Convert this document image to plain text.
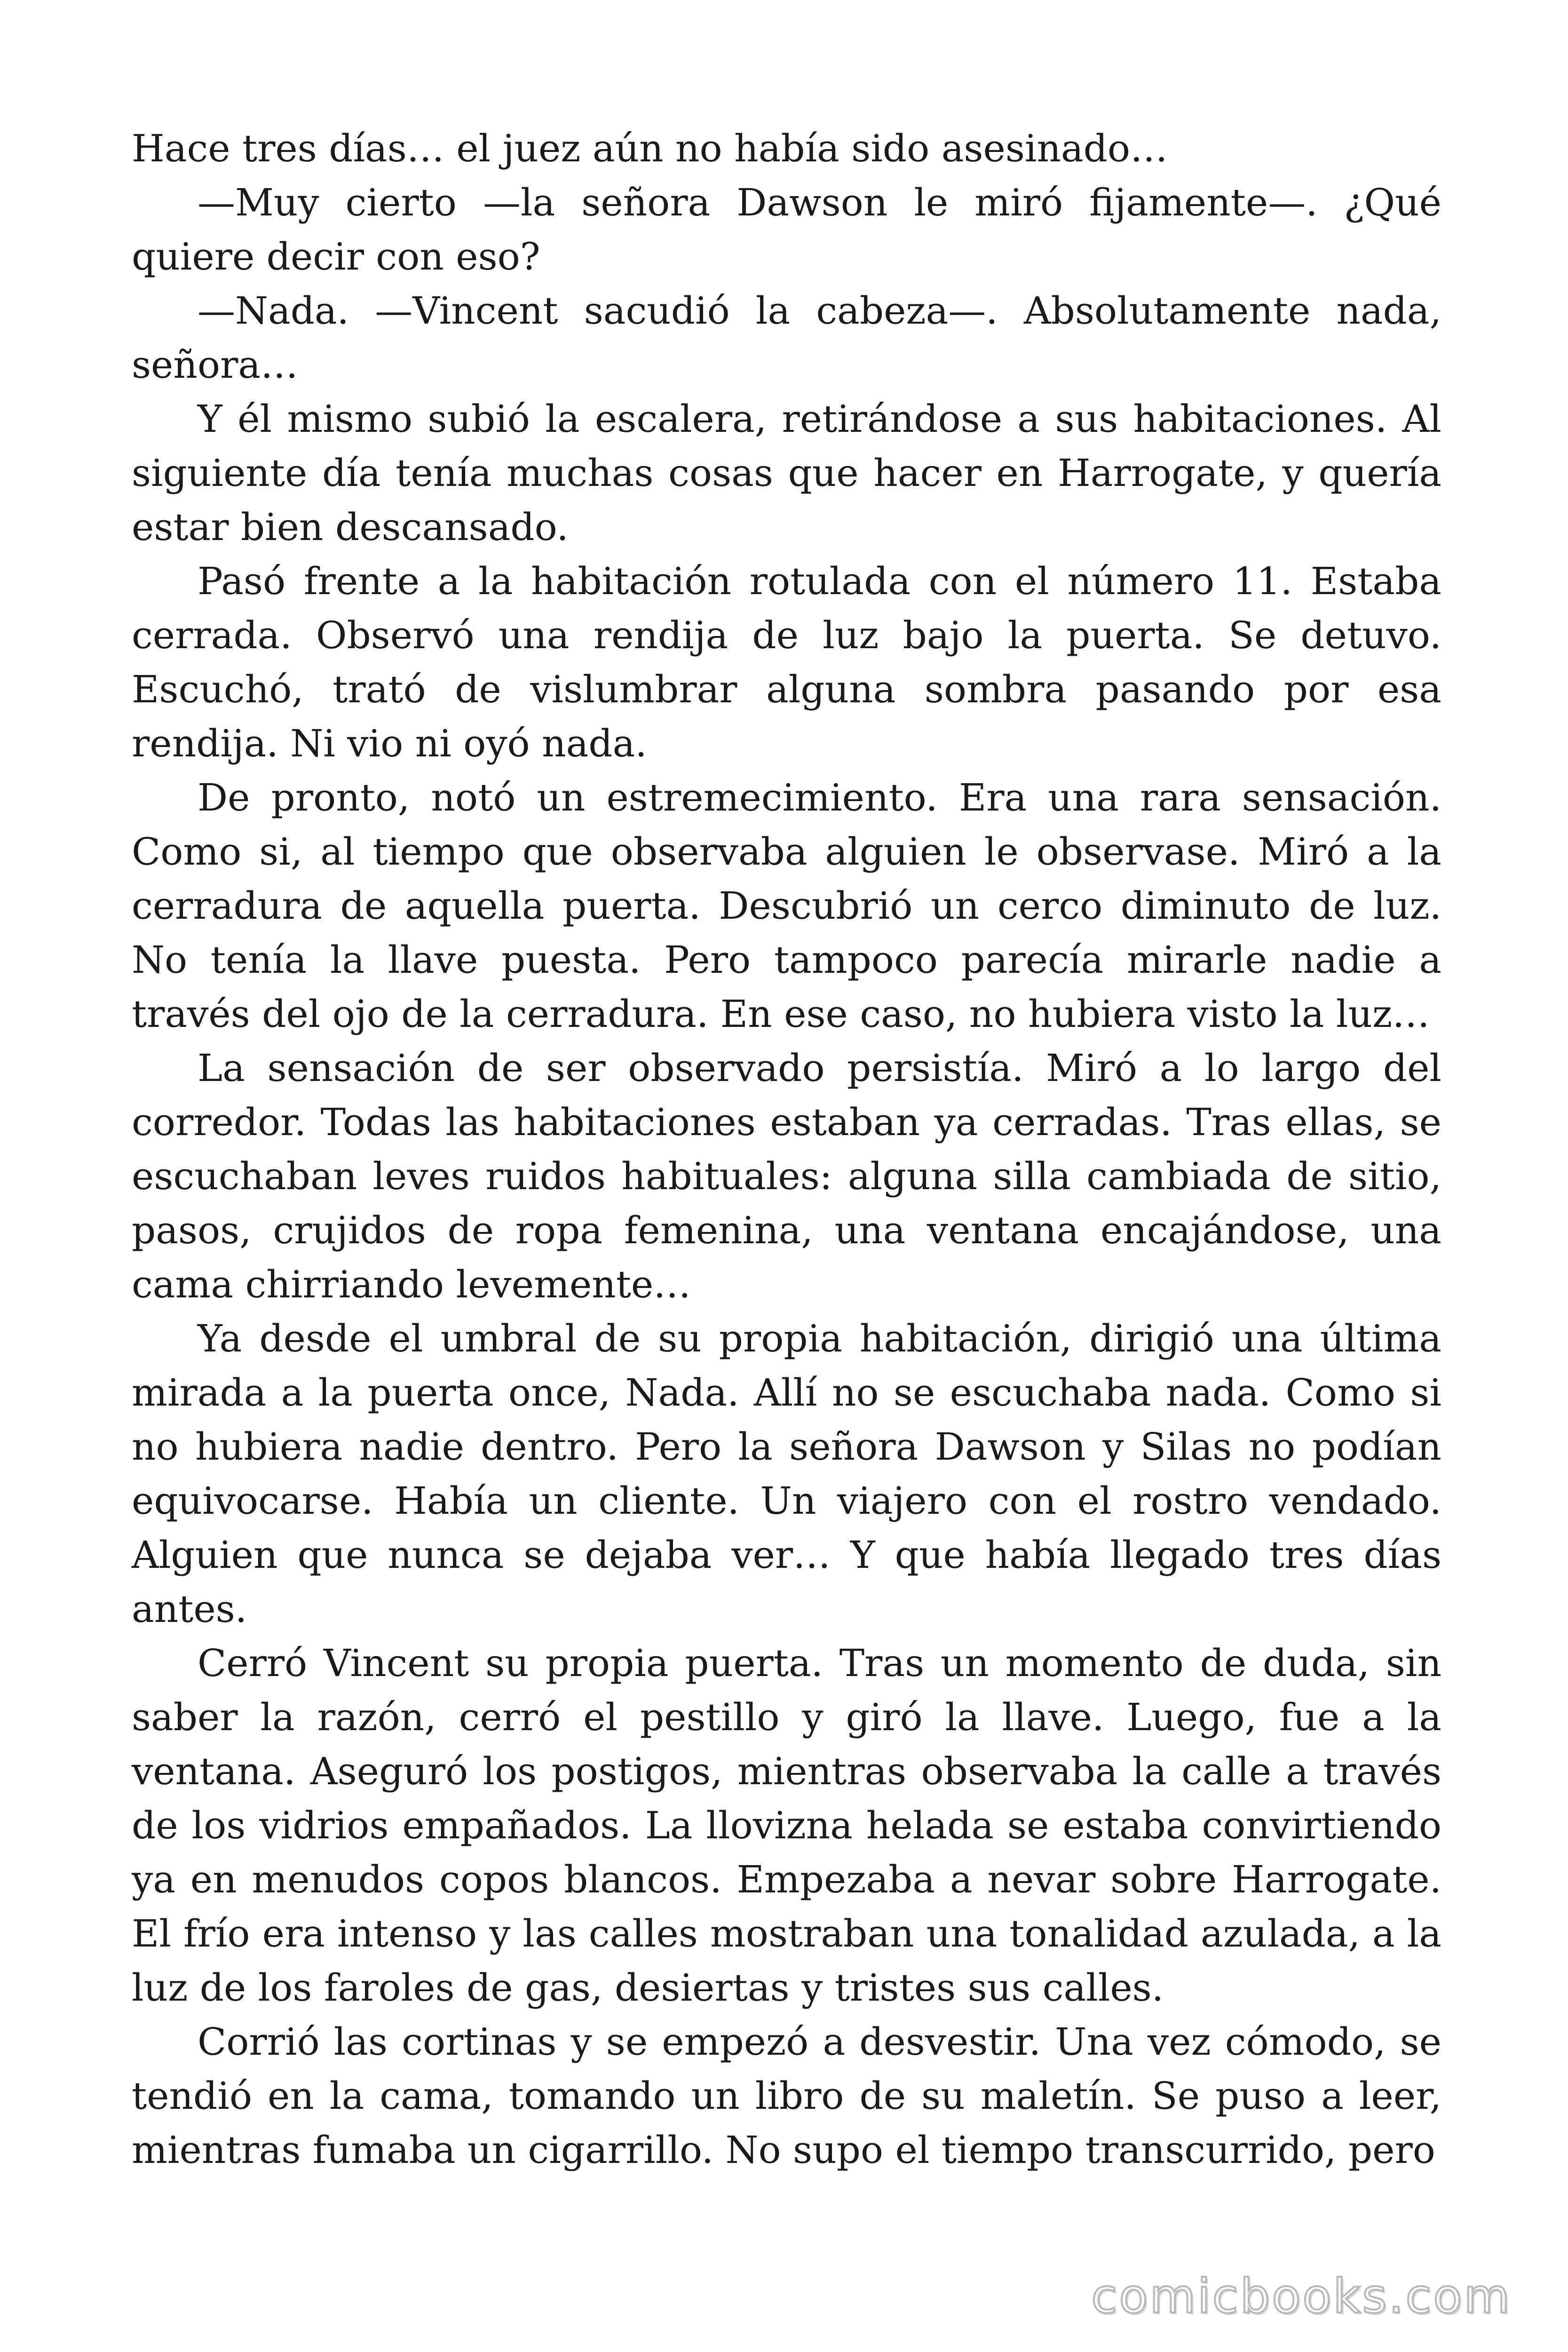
Hace tres días… el juez aún no había sido asesinado…

—Muy cierto —la señora Dawson le miró fijamente—. ¿Qué quiere decir con eso?

—Nada. —Vincent sacudió la cabeza—. Absolutamente nada, señora…

Y él mismo subió la escalera, retirándose a sus habitaciones. Al siguiente día tenía muchas cosas que hacer en Harrogate, y quería estar bien descansado.

Pasó frente a la habitación rotulada con el número 11. Estaba cerrada. Observó una rendija de luz bajo la puerta. Se detuvo. Escuchó, trató de vislumbrar alguna sombra pasando por esa rendija. Ni vio ni oyó nada.

De pronto, notó un estremecimiento. Era una rara sensación. Como si, al tiempo que observaba alguien le observase. Miró a la cerradura de aquella puerta. Descubrió un cerco diminuto de luz. No tenía la llave puesta. Pero tampoco parecía mirarle nadie a través del ojo de la cerradura. En ese caso, no hubiera visto la luz…

La sensación de ser observado persistía. Miró a lo largo del corredor. Todas las habitaciones estaban ya cerradas. Tras ellas, se escuchaban leves ruidos habituales: alguna silla cambiada de sitio, pasos, crujidos de ropa femenina, una ventana encajándose, una cama chirriando levemente…

Ya desde el umbral de su propia habitación, dirigió una última mirada a la puerta once, Nada. Allí no se escuchaba nada. Como si no hubiera nadie dentro. Pero la señora Dawson y Silas no podían equivocarse. Había un cliente. Un viajero con el rostro vendado. Alguien que nunca se dejaba ver… Y que había llegado tres días antes.

Cerró Vincent su propia puerta. Tras un momento de duda, sin saber la razón, cerró el pestillo y giró la llave. Luego, fue a la ventana. Aseguró los postigos, mientras observaba la calle a través de los vidrios empañados. La llovizna helada se estaba convirtiendo ya en menudos copos blancos. Empezaba a nevar sobre Harrogate. El frío era intenso y las calles mostraban una tonalidad azulada, a la luz de los faroles de gas, desiertas y tristes sus calles.

Corrió las cortinas y se empezó a desvestir. Una vez cómodo, se tendió en la cama, tomando un libro de su maletín. Se puso a leer, mientras fumaba un cigarrillo. No supo el tiempo transcurrido, pero

comicbooks.com
